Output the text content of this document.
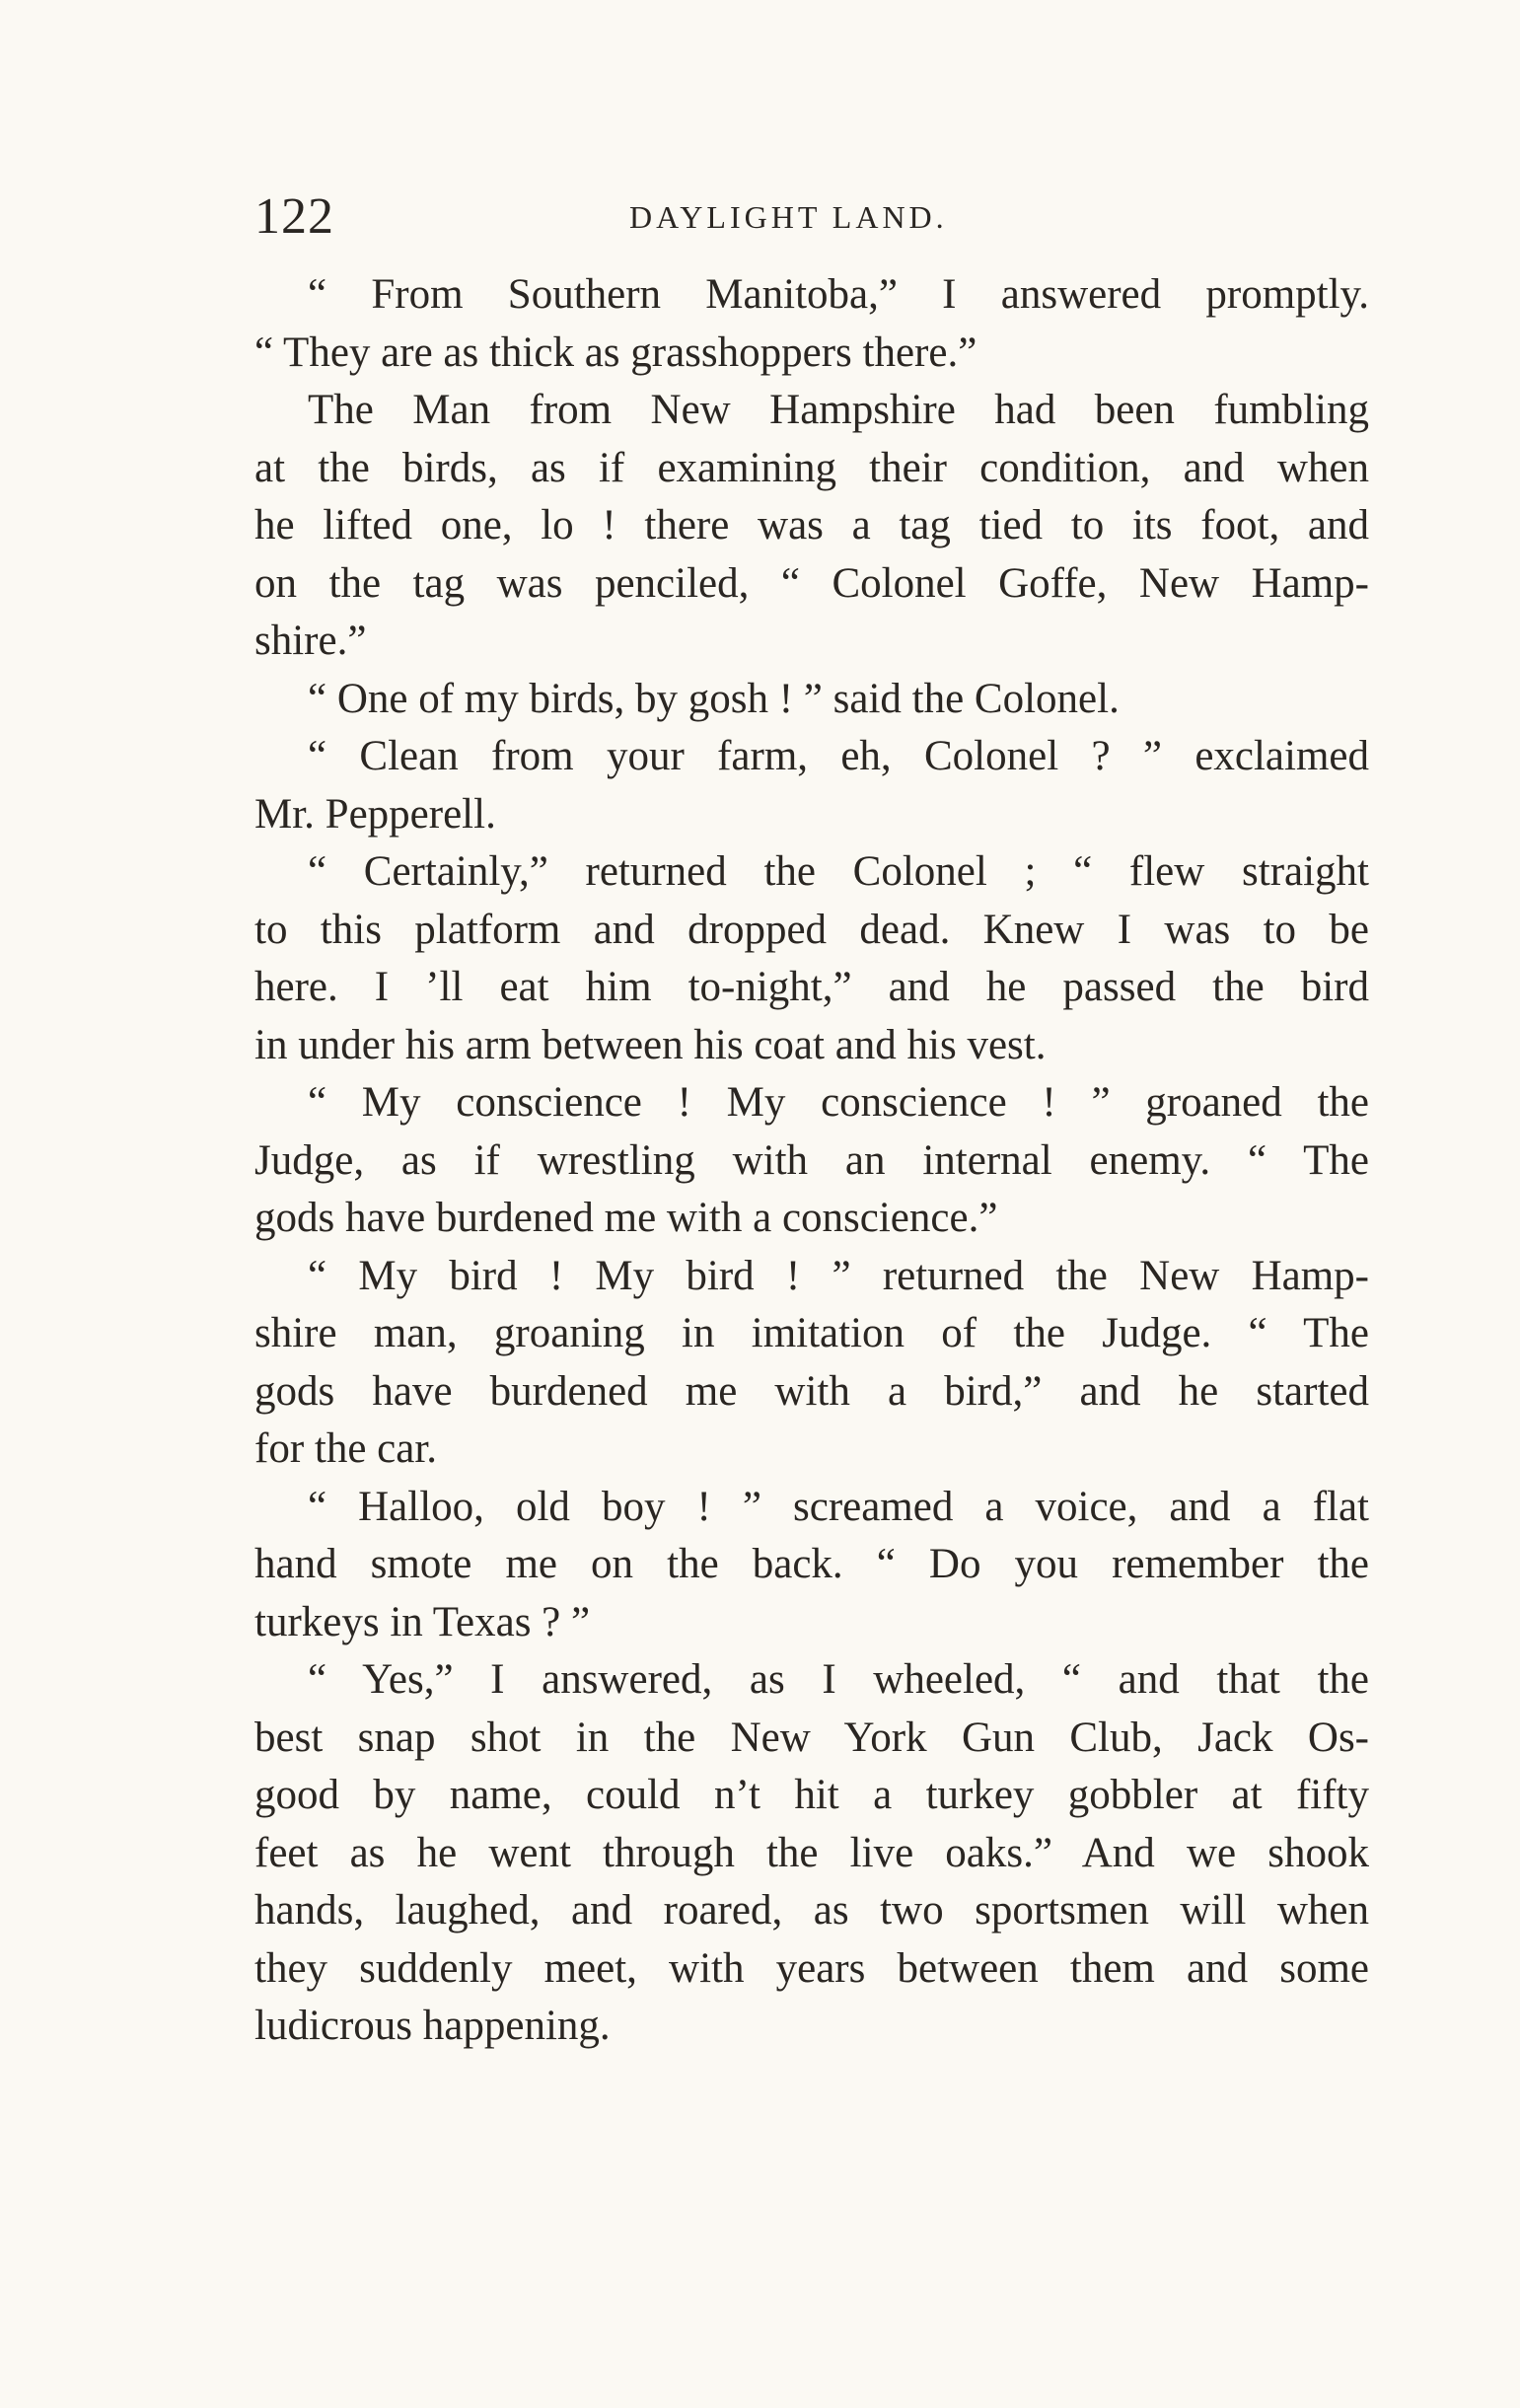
122	DAYLIGHT LAND.
“ From Southern Manitoba,” I answered promptly.
“ They are as thick as grasshoppers there.”
The Man from New Hampshire had been fumbling
at the birds, as if examining their condition, and when
he lifted one, lo ! there was a tag tied to its foot, and
on the tag was penciled, “ Colonel Goffe, New Hamp-
shire.”
“ One of my birds, by gosh ! ” said the Colonel.
“ Clean from your farm, eh, Colonel ? ” exclaimed
Mr. Pepperell.
“ Certainly,” returned the Colonel ; “ flew straight
to this platform and dropped dead. Knew I was to be
here. I ’ll eat him to-night,” and he passed the bird
in under his arm between his coat and his vest.
“ My conscience ! My conscience ! ” groaned the
Judge, as if wrestling with an internal enemy. “ The
gods have burdened me with a conscience.”
“ My bird ! My bird ! ” returned the New Hamp-
shire man, groaning in imitation of the Judge. “ The
gods have burdened me with a bird,” and he started
for the car.
“ Halloo, old boy ! ” screamed a voice, and a flat
hand smote me on the back. “ Do you remember the
turkeys in Texas ? ”
“ Yes,” I answered, as I wheeled, “ and that the
best snap shot in the New York Gun Club, Jack Os-
good by name, could n’t hit a turkey gobbler at fifty
feet as he went through the live oaks.” And we shook
hands, laughed, and roared, as two sportsmen will when
they suddenly meet, with years between them and some
ludicrous happening.
